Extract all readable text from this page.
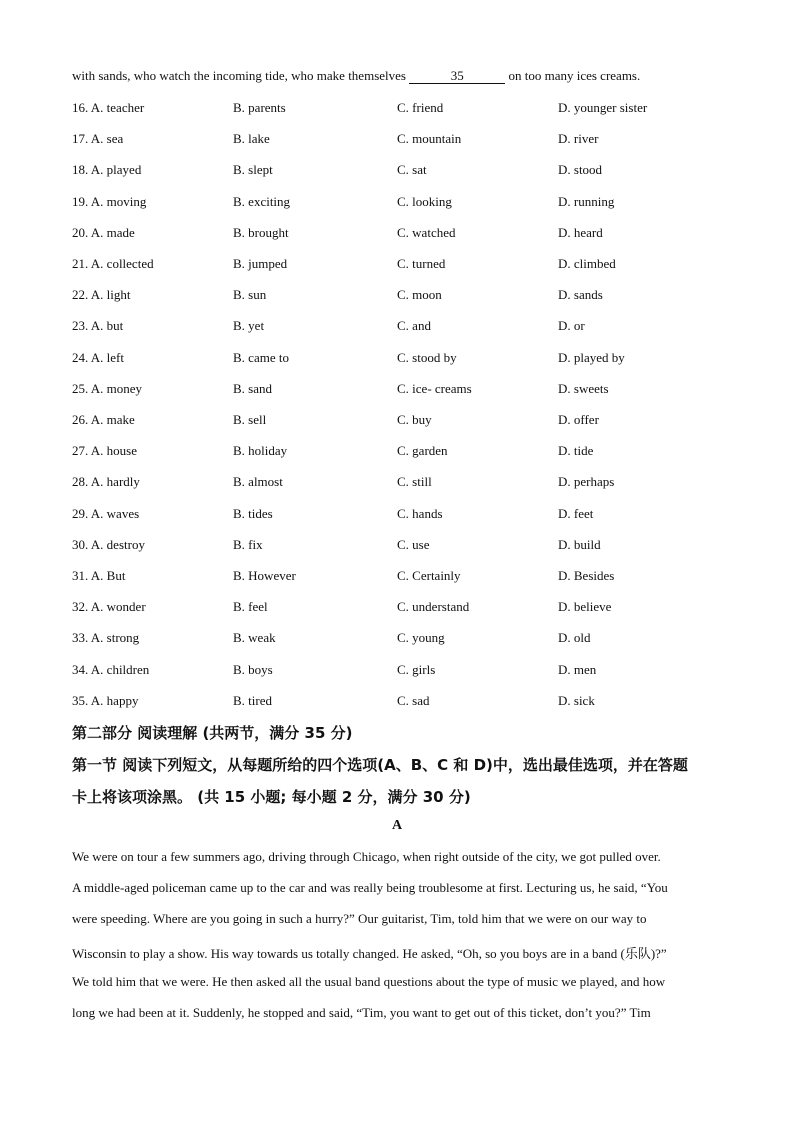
with sands, who watch the incoming tide, who make themselves	35	on too many ices creams.
16. A. teacher	B. parents	C. friend	D. younger sister
17. A. sea	B. lake	C. mountain	D. river
18. A. played	B. slept	C. sat	D. stood
19. A. moving	B. exciting	C. looking	D. running
20. A. made	B. brought	C. watched	D. heard
21. A. collected	B. jumped	C. turned	D. climbed
22. A. light	B. sun	C. moon	D. sands
23. A. but	B. yet	C. and	D. or
24. A. left	B. came to	C. stood by	D. played by
25. A. money	B. sand	C. ice- creams	D. sweets
26. A. make	B. sell	C. buy	D. offer
27. A. house	B. holiday	C. garden	D. tide
28. A. hardly	B. almost	C. still	D. perhaps
29. A. waves	B. tides	C. hands	D. feet
30. A. destroy	B. fix	C. use	D. build
31. A. But	B. However	C. Certainly	D. Besides
32. A. wonder	B. feel	C. understand	D. believe
33. A. strong	B. weak	C. young	D. old
34. A. children	B. boys	C. girls	D. men
35. A. happy	B. tired	C. sad	D. sick
第二部分 阅读理解 (共两节，满分 35 分)
第一节 阅读下列短文，从每题所给的四个选项(A、B、C 和 D)中，选出最佳选项，并在答题
卡上将该项涂黑。 (共 15 小题; 每小题 2 分，满分 30 分)
A
We were on tour a few summers ago, driving through Chicago, when right outside of the city, we got pulled over.
A middle-aged policeman came up to the car and was really being troublesome at first. Lecturing us, he said, “You
were speeding. Where are you going in such a hurry?” Our guitarist, Tim, told him that we were on our way to
Wisconsin to play a show. His way towards us totally changed. He asked, “Oh, so you boys are in a band (乐队)?”
We told him that we were. He then asked all the usual band questions about the type of music we played, and how
long we had been at it. Suddenly, he stopped and said, “Tim, you want to get out of this ticket, don’t you?” Tim
